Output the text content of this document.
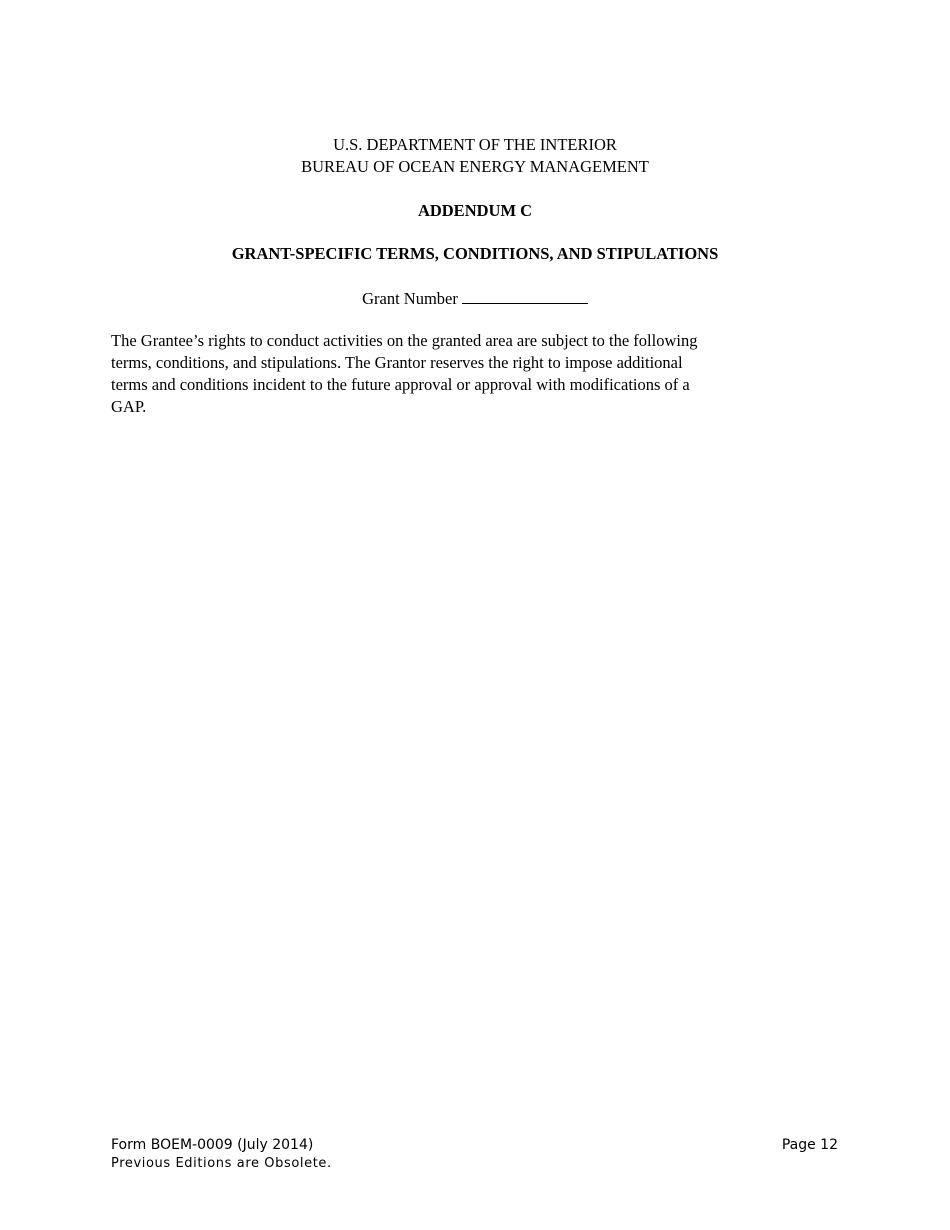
U.S. DEPARTMENT OF THE INTERIOR
BUREAU OF OCEAN ENERGY MANAGEMENT
ADDENDUM C
GRANT-SPECIFIC TERMS, CONDITIONS, AND STIPULATIONS
Grant Number
The Grantee’s rights to conduct activities on the granted area are subject to the following
terms, conditions, and stipulations. The Grantor reserves the right to impose additional
terms and conditions incident to the future approval or approval with modifications of a
GAP.
Form BOEM-0009 (July 2014)
Previous Editions are Obsolete.
Page 12
